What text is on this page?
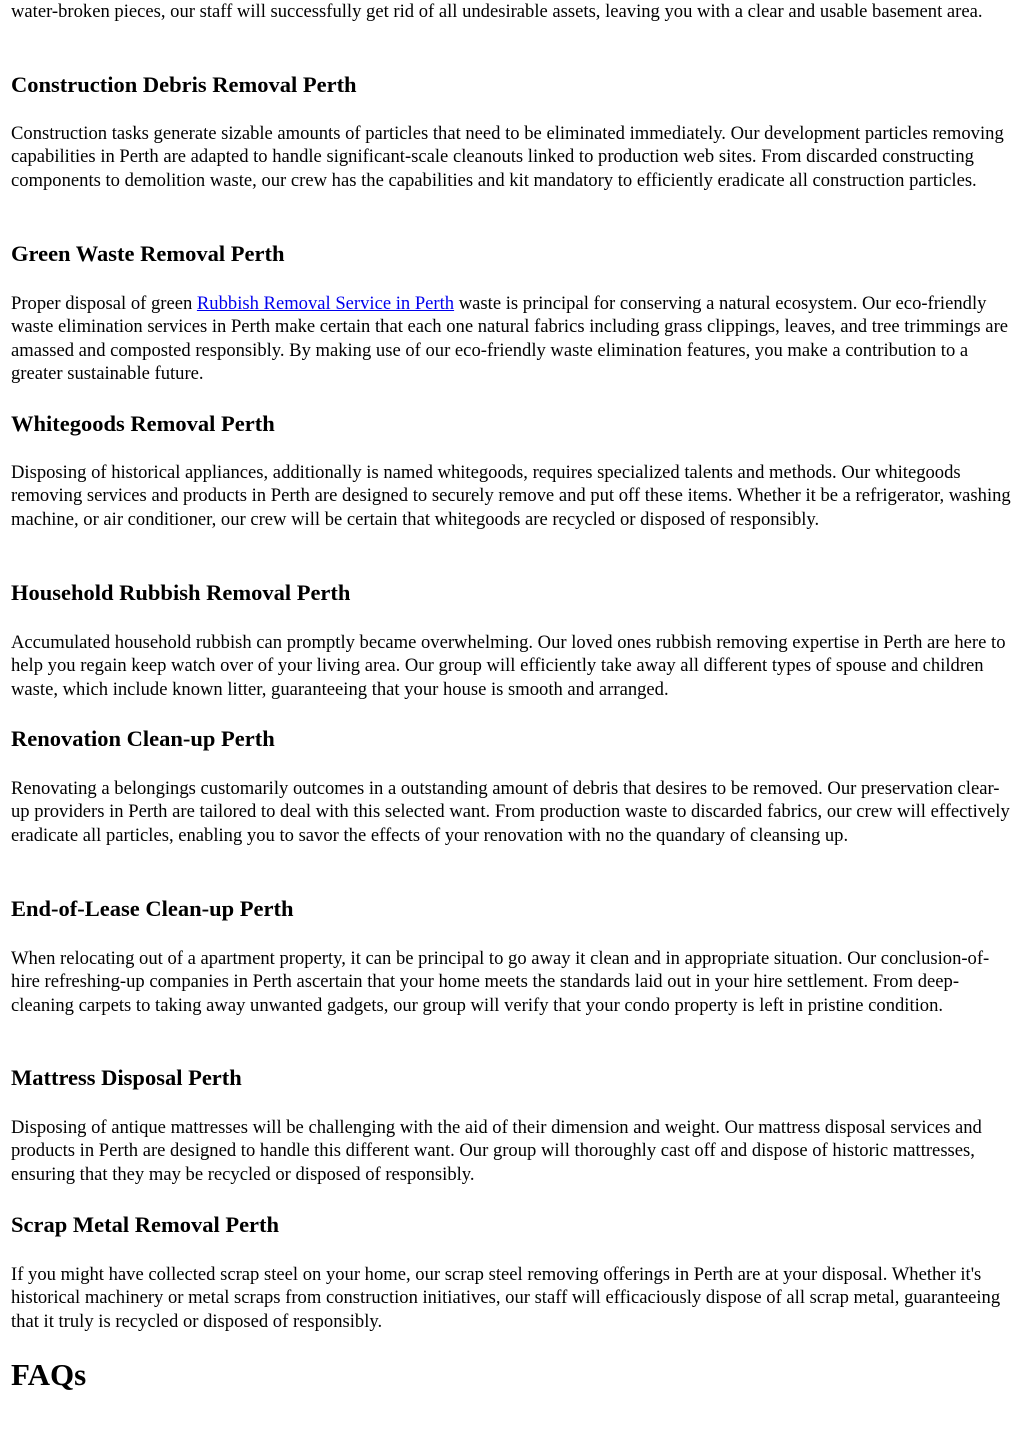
water-broken pieces, our staff will successfully get rid of all undesirable assets, leaving you with a clear and usable basement area.

Construction Debris Removal Perth

Construction tasks generate sizable amounts of particles that need to be eliminated immediately. Our development particles removing capabilities in Perth are adapted to handle significant-scale cleanouts linked to production web sites. From discarded constructing components to demolition waste, our crew has the capabilities and kit mandatory to efficiently eradicate all construction particles.

Green Waste Removal Perth

Proper disposal of green Rubbish Removal Service in Perth waste is principal for conserving a natural ecosystem. Our eco-friendly waste elimination services in Perth make certain that each one natural fabrics including grass clippings, leaves, and tree trimmings are amassed and composted responsibly. By making use of our eco-friendly waste elimination features, you make a contribution to a greater sustainable future.

Whitegoods Removal Perth

Disposing of historical appliances, additionally is named whitegoods, requires specialized talents and methods. Our whitegoods removing services and products in Perth are designed to securely remove and put off these items. Whether it be a refrigerator, washing machine, or air conditioner, our crew will be certain that whitegoods are recycled or disposed of responsibly.

Household Rubbish Removal Perth

Accumulated household rubbish can promptly became overwhelming. Our loved ones rubbish removing expertise in Perth are here to help you regain keep watch over of your living area. Our group will efficiently take away all different types of spouse and children waste, which include known litter, guaranteeing that your house is smooth and arranged.

Renovation Clean-up Perth

Renovating a belongings customarily outcomes in a outstanding amount of debris that desires to be removed. Our preservation clear-up providers in Perth are tailored to deal with this selected want. From production waste to discarded fabrics, our crew will effectively eradicate all particles, enabling you to savor the effects of your renovation with no the quandary of cleansing up.

End-of-Lease Clean-up Perth

When relocating out of a apartment property, it can be principal to go away it clean and in appropriate situation. Our conclusion-of-hire refreshing-up companies in Perth ascertain that your home meets the standards laid out in your hire settlement. From deep-cleaning carpets to taking away unwanted gadgets, our group will verify that your condo property is left in pristine condition.

Mattress Disposal Perth

Disposing of antique mattresses will be challenging with the aid of their dimension and weight. Our mattress disposal services and products in Perth are designed to handle this different want. Our group will thoroughly cast off and dispose of historic mattresses, ensuring that they may be recycled or disposed of responsibly.

Scrap Metal Removal Perth

If you might have collected scrap steel on your home, our scrap steel removing offerings in Perth are at your disposal. Whether it's historical machinery or metal scraps from construction initiatives, our staff will efficaciously dispose of all scrap metal, guaranteeing that it truly is recycled or disposed of responsibly.

FAQs
